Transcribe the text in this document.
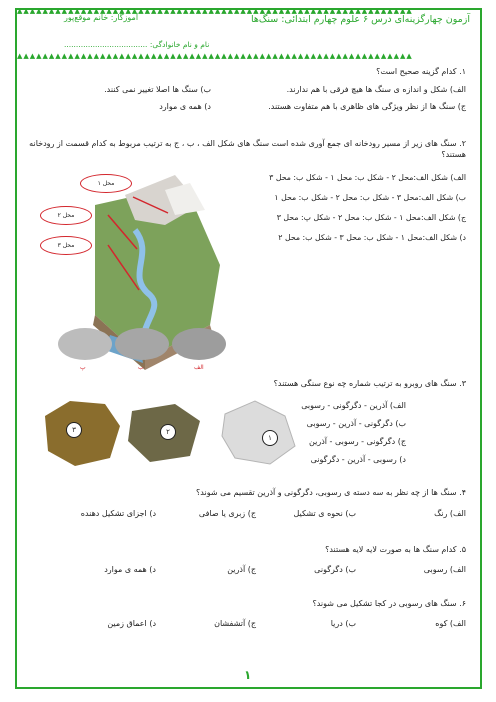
▲▲▲▲▲▲▲▲▲▲▲▲▲▲▲▲▲▲▲▲▲▲▲▲▲▲▲▲▲▲▲▲▲▲▲▲▲▲▲▲▲▲▲▲▲▲▲▲▲▲▲▲▲▲▲▲▲▲▲▲▲▲
▲▲▲▲▲▲▲▲▲▲▲▲▲▲▲▲▲▲▲▲▲▲▲▲▲▲▲▲▲▲▲▲▲▲▲▲▲▲▲▲▲▲▲▲▲▲▲▲▲▲▲▲▲▲▲▲▲▲▲▲▲▲
آزمون چهارگزینه‌ای درس ۶ علوم چهارم ابتدائی: سنگ‌ها
آموزگار: خانم موقع‌پور
نام و نام خانوادگی: ...................................
۱. کدام گزینه صحیح است؟
الف) شکل و اندازه ی سنگ ها هیچ فرقی با هم ندارند.
ب) سنگ ها اصلا تغییر نمی کنند.
ج) سنگ ها از نظر ویژگی های ظاهری با هم متفاوت هستند.
د) همه ی موارد
۲. سنگ های زیر از مسیر رودخانه ای جمع آوری شده است سنگ های شکل الف ، ب ، ج به ترتیب مربوط به کدام قسمت از رودخانه هستند؟
الف) شکل الف:محل ۲ - شکل ب: محل ۱ - شکل ب: محل ۳
ب) شکل الف:محل ۳ - شکل ب: محل ۲ - شکل ب: محل ۱
ج) شکل الف:محل ۱ - شکل ب: محل ۲ - شکل پ: محل ۳
د) شکل الف:محل ۱ - شکل ب: محل ۳ - شکل ب: محل ۲
محل ۱
محل ۲
محل ۳
پ	ب	الف
۳. سنگ های روبرو به ترتیب شماره چه نوع سنگی هستند؟
الف) آذرین - دگرگونی - رسوبی
ب) دگرگونی - آذرین - رسوبی
ج) دگرگونی - رسوبی - آذرین
د) رسوبی - آذرین - دگرگونی
۳	۲
۱
۴. سنگ ها از چه نظر به سه دسته ی رسوبی، دگرگونی و آذرین تقسیم می شوند؟
الف) رنگ
ب) نحوه ی تشکیل
ج) زبری یا صافی
د) اجزای تشکیل دهنده
۵. کدام سنگ ها به صورت لایه لایه هستند؟
الف) رسوبی
ب) دگرگونی
ج) آذرین
د) همه ی موارد
۶. سنگ های رسوبی در کجا تشکیل می شوند؟
الف) کوه
ب) دریا
ج) آتشفشان
د) اعماق زمین
۱
